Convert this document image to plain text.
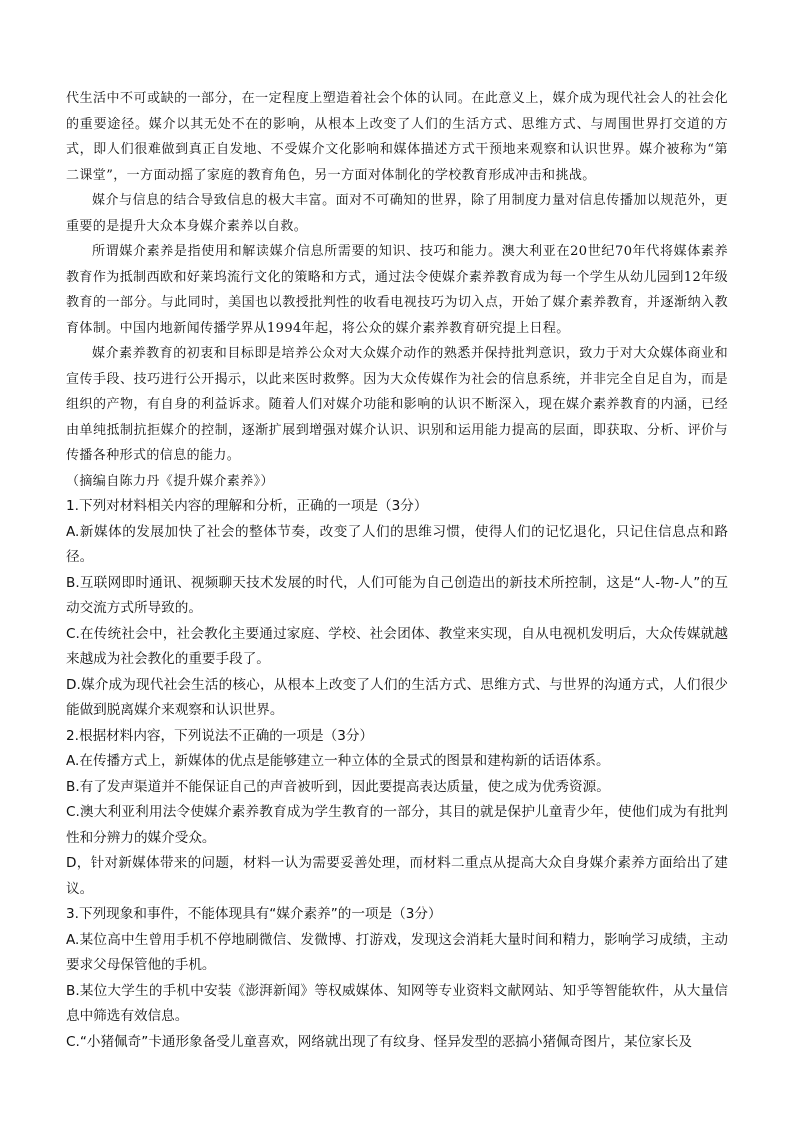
代生活中不可或缺的一部分，在一定程度上塑造着社会个体的认同。在此意义上，媒介成为现代社会人的社会化的重要途径。媒介以其无处不在的影响，从根本上改变了人们的生活方式、思维方式、与周围世界打交道的方式，即人们很难做到真正自发地、不受媒介文化影响和媒体描述方式干预地来观察和认识世界。媒介被称为“第二课堂”，一方面动摇了家庭的教育角色，另一方面对体制化的学校教育形成冲击和挑战。

媒介与信息的结合导致信息的极大丰富。面对不可确知的世界，除了用制度力量对信息传播加以规范外，更重要的是提升大众本身媒介素养以自救。

所谓媒介素养是指使用和解读媒介信息所需要的知识、技巧和能力。澳大利亚在20世纪70年代将媒体素养教育作为抵制西欧和好莱坞流行文化的策略和方式，通过法令使媒介素养教育成为每一个学生从幼儿园到12年级教育的一部分。与此同时，美国也以教授批判性的收看电视技巧为切入点，开始了媒介素养教育，并逐渐纳入教育体制。中国内地新闻传播学界从1994年起，将公众的媒介素养教育研究提上日程。

媒介素养教育的初衷和目标即是培养公众对大众媒介动作的熟悉并保持批判意识，致力于对大众媒体商业和宣传手段、技巧进行公开揭示，以此来医时救弊。因为大众传媒作为社会的信息系统，并非完全自足自为，而是组织的产物，有自身的利益诉求。随着人们对媒介功能和影响的认识不断深入，现在媒介素养教育的内涵，已经由单纯抵制抗拒媒介的控制，逐渐扩展到增强对媒介认识、识别和运用能力提高的层面，即获取、分析、评价与传播各种形式的信息的能力。

（摘编自陈力丹《提升媒介素养》）

1.下列对材料相关内容的理解和分析，正确的一项是（3分）

A.新媒体的发展加快了社会的整体节奏，改变了人们的思维习惯，使得人们的记忆退化，只记住信息点和路径。

B.互联网即时通讯、视频聊天技术发展的时代，人们可能为自己创造出的新技术所控制，这是“人-物-人”的互动交流方式所导致的。

C.在传统社会中，社会教化主要通过家庭、学校、社会团体、教堂来实现，自从电视机发明后，大众传媒就越来越成为社会教化的重要手段了。

D.媒介成为现代社会生活的核心，从根本上改变了人们的生活方式、思维方式、与世界的沟通方式，人们很少能做到脱离媒介来观察和认识世界。

2.根据材料内容，下列说法不正确的一项是（3分）

A.在传播方式上，新媒体的优点是能够建立一种立体的全景式的图景和建构新的话语体系。

B.有了发声渠道并不能保证自己的声音被听到，因此要提高表达质量，使之成为优秀资源。

C.澳大利亚利用法令使媒介素养教育成为学生教育的一部分，其目的就是保护儿童青少年，使他们成为有批判性和分辨力的媒介受众。

D，针对新媒体带来的问题，材料一认为需要妥善处理，而材料二重点从提高大众自身媒介素养方面给出了建议。

3.下列现象和事件，不能体现具有“媒介素养”的一项是（3分）

A.某位高中生曾用手机不停地刷微信、发微博、打游戏，发现这会消耗大量时间和精力，影响学习成绩，主动要求父母保管他的手机。

B.某位大学生的手机中安装《澎湃新闻》等权威媒体、知网等专业资料文献网站、知乎等智能软件，从大量信息中筛选有效信息。

C.“小猪佩奇”卡通形象备受儿童喜欢，网络就出现了有纹身、怪异发型的恶搞小猪佩奇图片，某位家长及
